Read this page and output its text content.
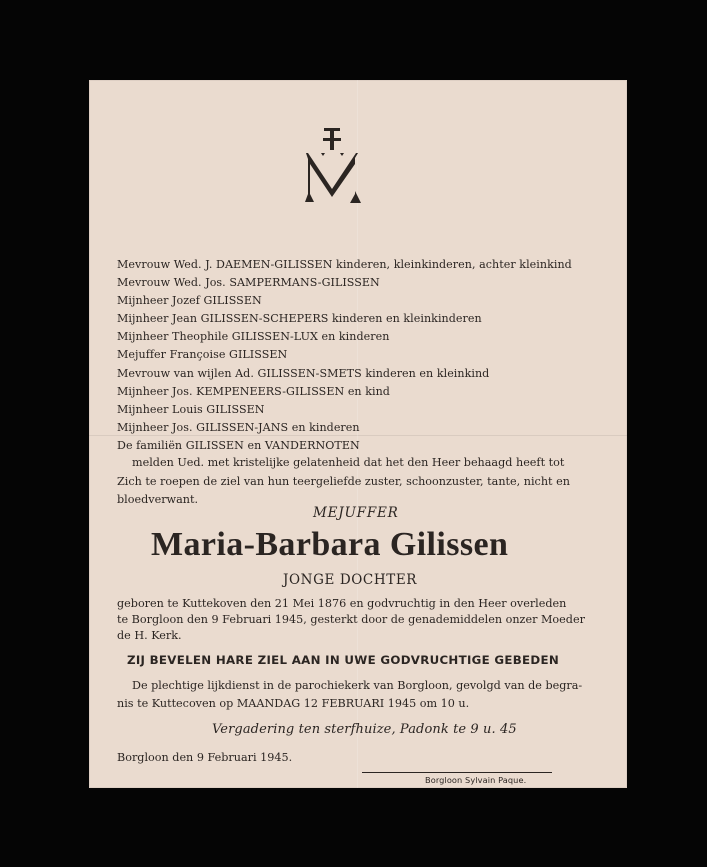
Mevrouw Wed. J. DAEMEN-GILISSEN kinderen, kleinkinderen, achter kleinkind
Mevrouw Wed. Jos. SAMPERMANS-GILISSEN
Mijnheer Jozef GILISSEN
Mijnheer Jean GILISSEN-SCHEPERS kinderen en kleinkinderen
Mijnheer Theophile GILISSEN-LUX en kinderen
Mejuffer Françoise GILISSEN
Mevrouw van wijlen Ad. GILISSEN-SMETS kinderen en kleinkind
Mijnheer Jos. KEMPENEERS-GILISSEN en kind
Mijnheer Louis GILISSEN
Mijnheer Jos. GILISSEN-JANS en kinderen
De familiën GILISSEN en VANDERNOTEN
melden Ued. met kristelijke gelatenheid dat het den Heer behaagd heeft tot
Zich te roepen de ziel van hun teergeliefde zuster, schoonzuster, tante, nicht en
bloedverwant.
MEJUFFER
Maria-Barbara Gilissen
JONGE DOCHTER
geboren te Kuttekoven den 21 Mei 1876 en godvruchtig in den Heer overleden
te Borgloon den 9 Februari 1945, gesterkt door de genademiddelen onzer Moeder
de H. Kerk.
ZIJ BEVELEN HARE ZIEL AAN IN UWE GODVRUCHTIGE GEBEDEN
De plechtige lijkdienst in de parochiekerk van Borgloon, gevolgd van de begra-
nis te Kuttecoven op MAANDAG 12 FEBRUARI 1945 om 10 u.
Vergadering ten sterfhuize, Padonk te 9 u. 45
Borgloon den 9 Februari 1945.
Borgloon Sylvain Paque.
